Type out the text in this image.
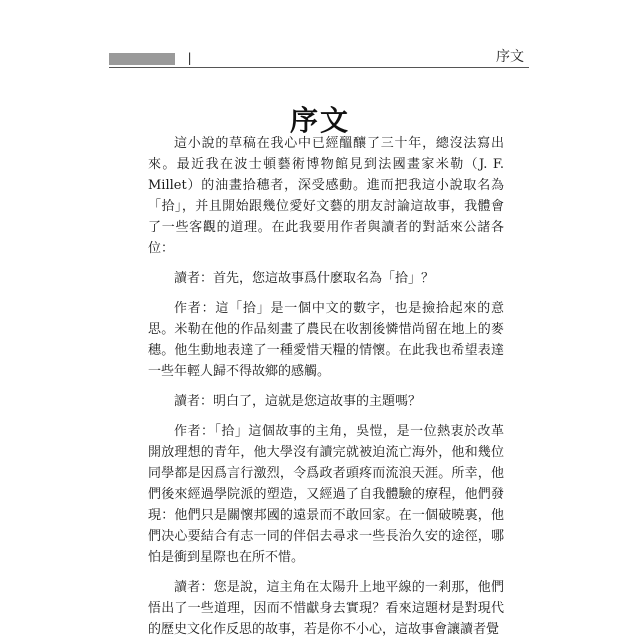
|	序文
序文

這小說的草稿在我心中已經醞釀了三十年，總沒法寫出來。最近我在波士頓藝術博物館見到法國畫家米勒（J. F. Millet）的油畫拾穗者，深受感動。進而把我這小說取名為「拾」，并且開始跟幾位愛好文藝的朋友討論這故事，我體會了一些客觀的道理。在此我要用作者與讀者的對話來公諸各位：

讀者：首先，您這故事爲什麽取名為「拾」？

作者：這「拾」是一個中文的數字，也是撿拾起來的意思。米勒在他的作品刻畫了農民在收割後憐惜尚留在地上的麥穗。他生動地表達了一種愛惜天糧的情懷。在此我也希望表達一些年輕人歸不得故鄉的感觸。

讀者：明白了，這就是您這故事的主題嗎？

作者：「拾」這個故事的主角，吳愷，是一位熱衷於改革開放理想的青年，他大學沒有讀完就被迫流亡海外，他和幾位同學都是因爲言行激烈，令爲政者頭疼而流浪天涯。所幸，他們後來經過學院派的塑造，又經過了自我體驗的療程，他們發現：他們只是關懷邦國的遠景而不敢回家。在一個破曉裏，他們决心要結合有志一同的伴侶去尋求一些長治久安的途徑，哪怕是衝到星際也在所不惜。

讀者：您是說，這主角在太陽升上地平線的一剎那，他們悟出了一些道理，因而不惜獻身去實現？看來這題材是對現代的歷史文化作反思的故事，若是你不小心，這故事會讓讀者覺
